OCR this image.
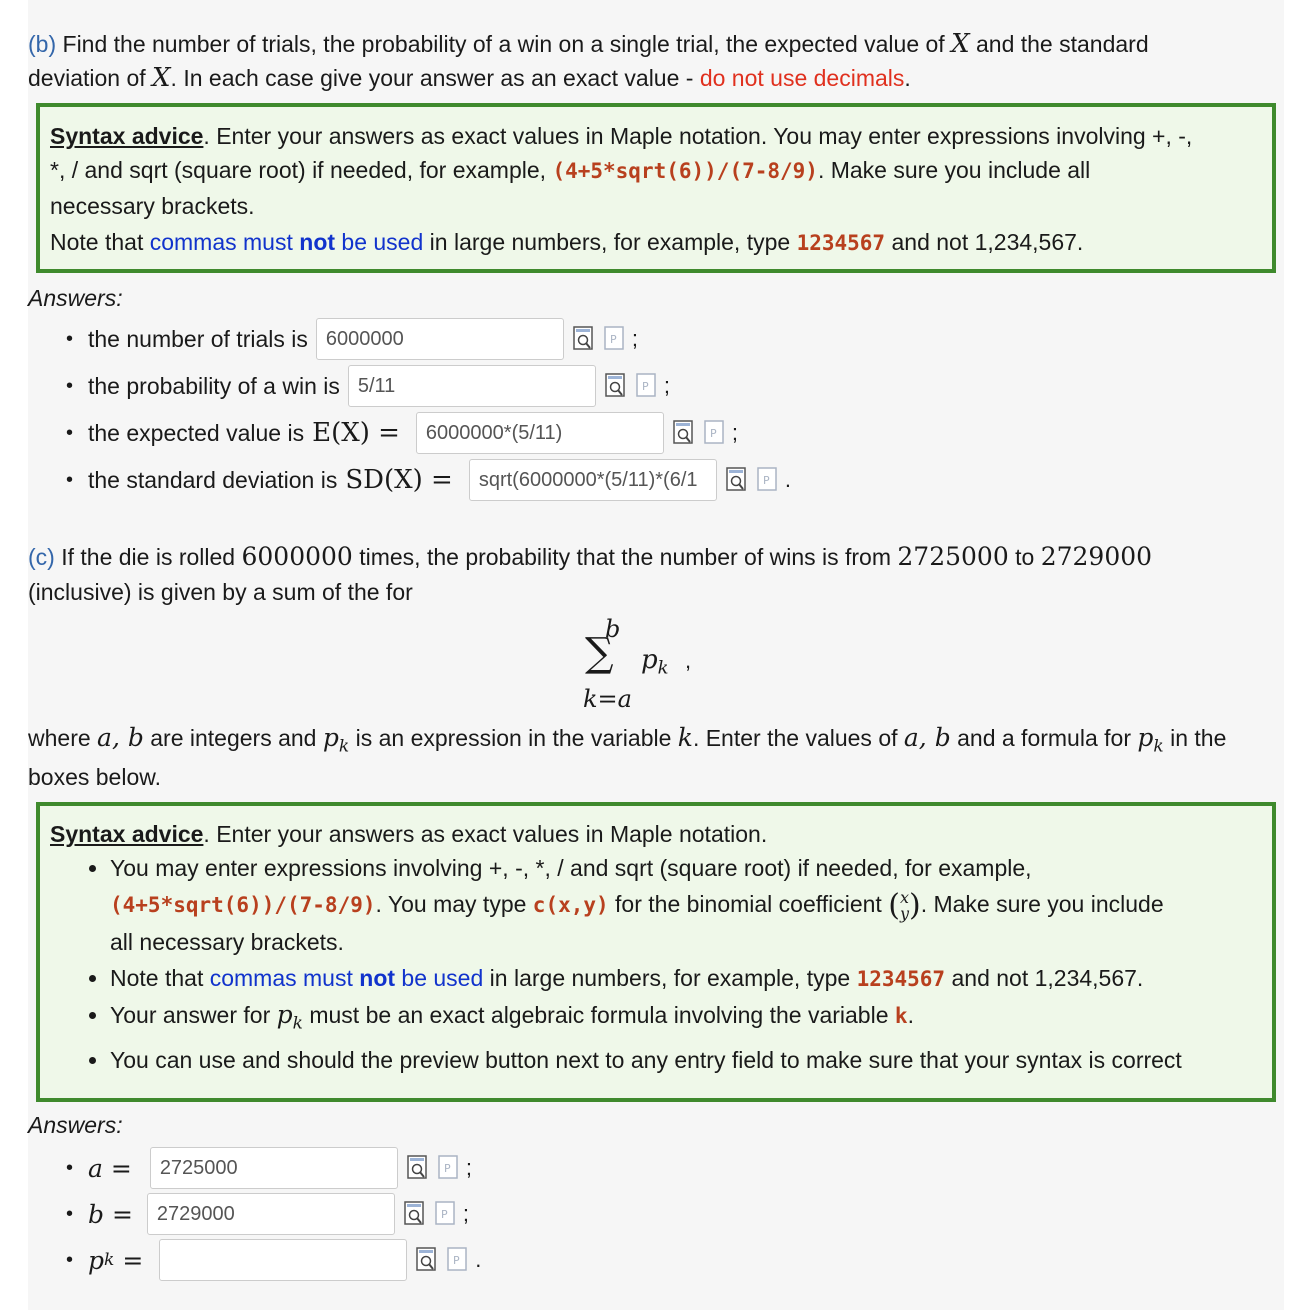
(b) Find the number of trials, the probability of a win on a single trial, the expected value of X and the standard
deviation of X. In each case give your answer as an exact value - do not use decimals.
Syntax advice. Enter your answers as exact values in Maple notation. You may enter expressions involving +, -,
*, / and sqrt (square root) if needed, for example, (4+5*sqrt(6))/(7-8/9). Make sure you include all
necessary brackets.
Note that commas must not be used in large numbers, for example, type 1234567 and not 1,234,567.
Answers:
• the number of trials is 6000000	P ;
• the probability of a win is 5/11	P ;
• the expected value is E(X) =	6000000*(5/11)	P ;
• the standard deviation is SD(X) =	sqrt(6000000*(5/11)*(6/1	P .
(c) If the die is rolled 6000000 times, the probability that the number of wins is from 2725000 to 2729000
(inclusive) is given by a sum of the for
b
∑ $p_k$ ,
k=a
where a, b are integers and $p_k$ is an expression in the variable k. Enter the values of a, b and a formula for $p_k$ in the
boxes below.
Syntax advice. Enter your answers as exact values in Maple notation.
• You may enter expressions involving +, -, *, / and sqrt (square root) if needed, for example,
(4+5*sqrt(6))/(7-8/9). You may type c(x,y) for the binomial coefficient ( x
y ) . Make sure you include
all necessary brackets.
• Note that commas must not be used in large numbers, for example, type 1234567 and not 1,234,567.
• Your answer for $p_k$ must be an exact algebraic formula involving the variable k.
• You can use and should the preview button next to any entry field to make sure that your syntax is correct
Answers:
• a =	2725000	P ;
• b =	2729000	P ;
• p k =	P .
